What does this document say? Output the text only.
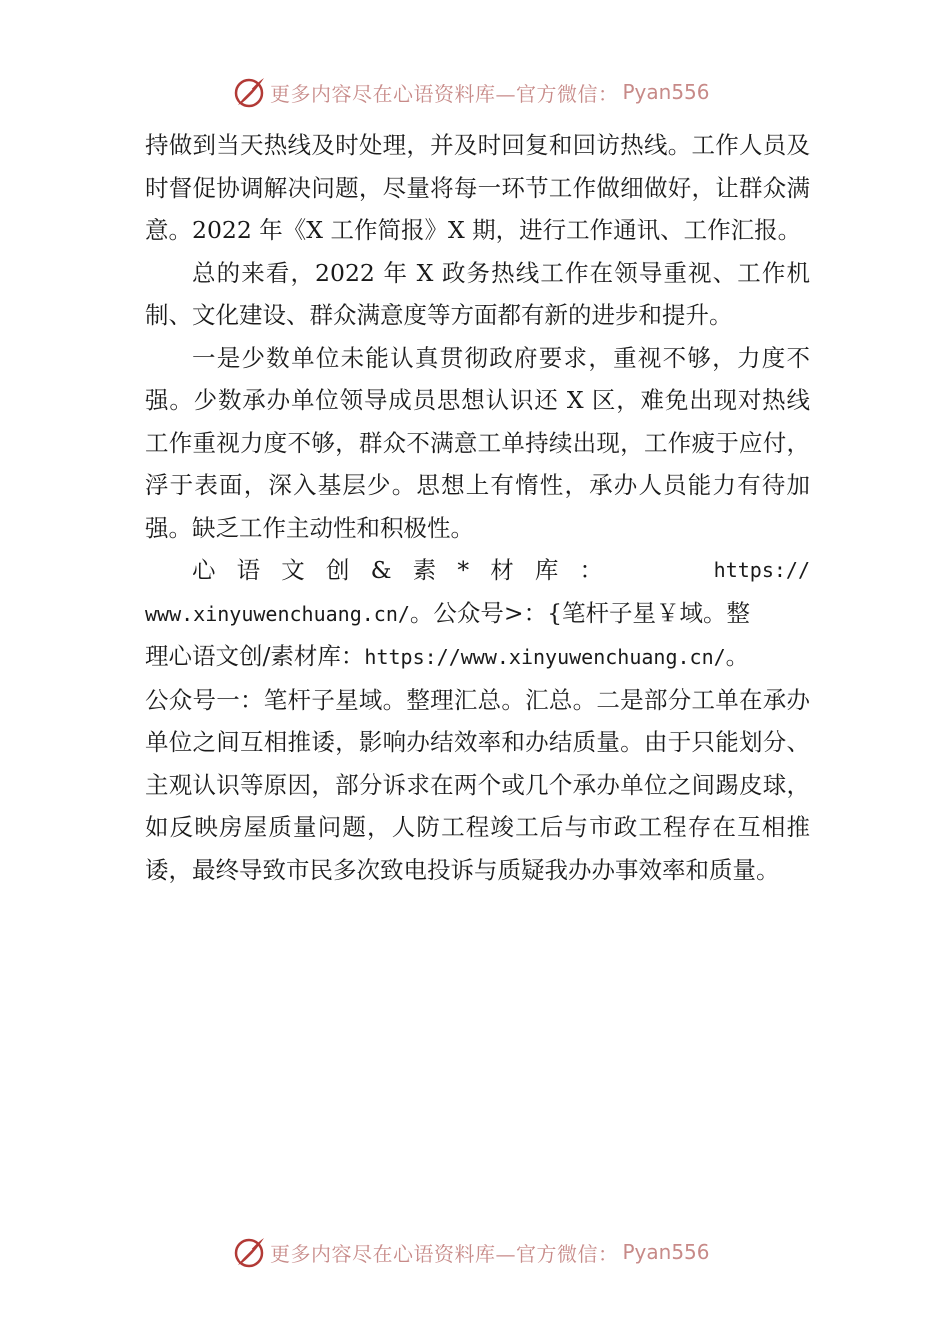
更多内容尽在心语资料库—官方微信： Pyan556

持做到当天热线及时处理，并及时回复和回访热线。工作人员及时督促协调解决问题，尽量将每一环节工作做细做好，让群众满意。2022 年《X 工作简报》X 期，进行工作通讯、工作汇报。

总的来看，2022 年 X 政务热线工作在领导重视、工作机制、文化建设、群众满意度等方面都有新的进步和提升。

一是少数单位未能认真贯彻政府要求，重视不够，力度不强。少数承办单位领导成员思想认识还 X 区，难免出现对热线工作重视力度不够，群众不满意工单持续出现，工作疲于应付，浮于表面，深入基层少。思想上有惰性，承办人员能力有待加强。缺乏工作主动性和积极性。

心语文创&素*材库：	https://
www.xinyuwenchuang.cn/。公众号>：{笔杆子星￥域。整
理心语文创/素材库：https://www.xinyuwenchuang.cn/。
公众号一：笔杆子星域。整理汇总。汇总。二是部分工单在承办单位之间互相推诿，影响办结效率和办结质量。由于只能划分、主观认识等原因，部分诉求在两个或几个承办单位之间踢皮球，如反映房屋质量问题，人防工程竣工后与市政工程存在互相推诿，最终导致市民多次致电投诉与质疑我办办事效率和质量。

更多内容尽在心语资料库—官方微信： Pyan556
